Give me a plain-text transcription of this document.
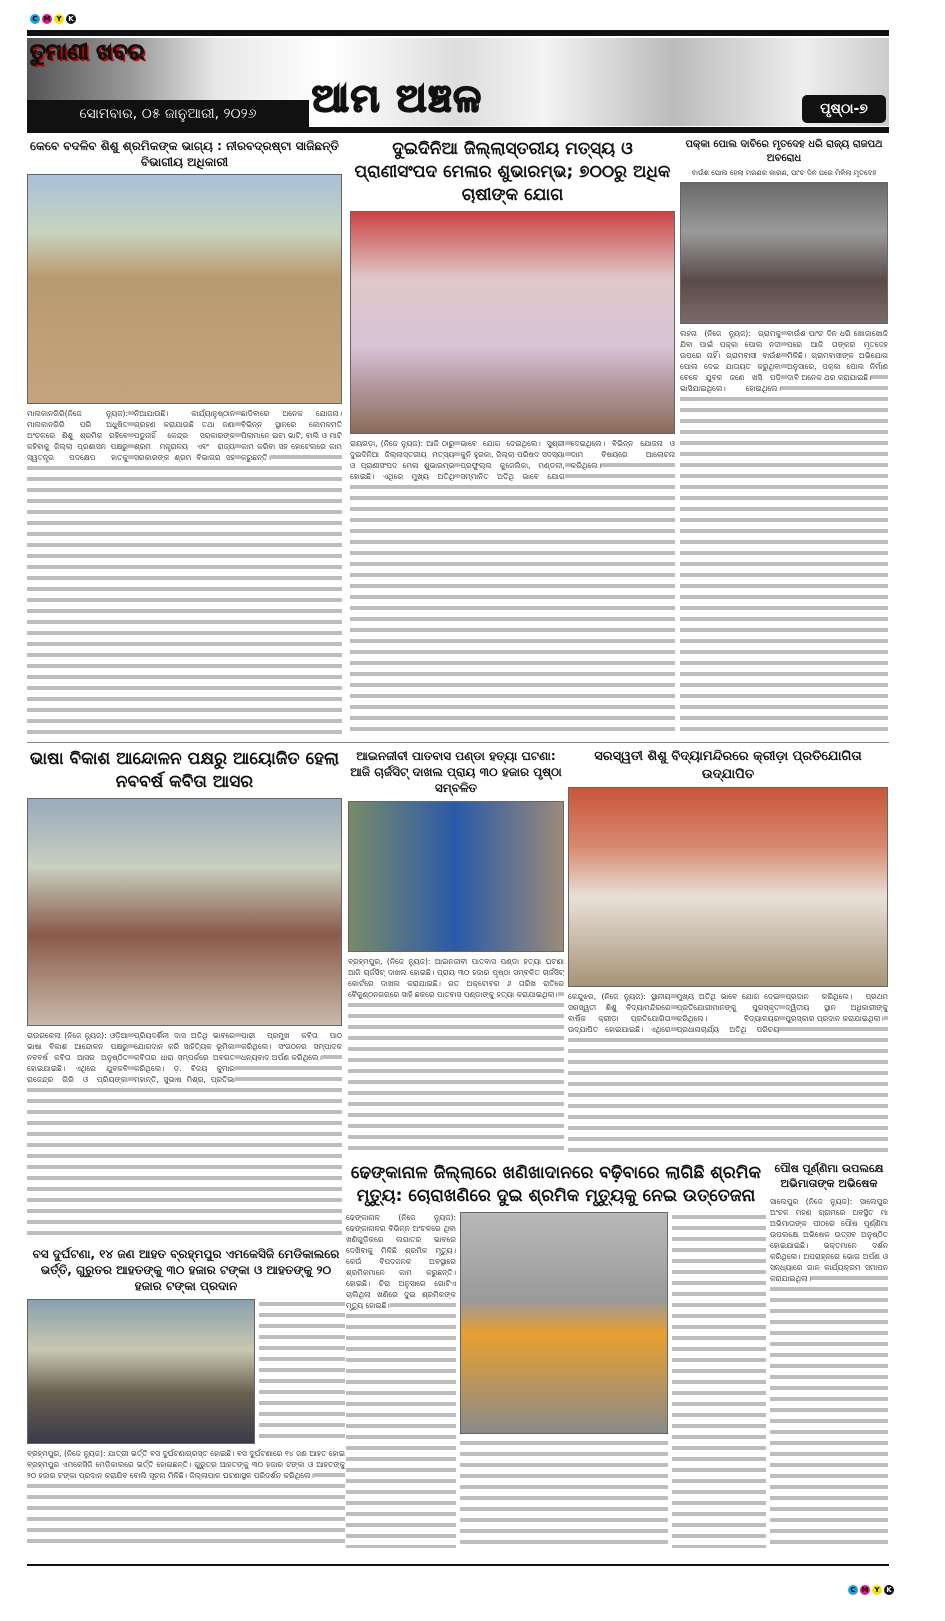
C M Y K
ତୁମାଣୀ ଖବର
ସୋମବାର, ୦୫ ଜାନୁଆରୀ, ୨୦୨୬	ଆମ ଅଞ୍ଚଳ	ପୃଷ୍ଠା-୭
କେବେ ବଦଳିବ ଶିଶୁ ଶ୍ରମିକଙ୍କ ଭାଗ୍ୟ : ନୀରବଦ୍ରଷ୍ଟା ସାଜିଛନ୍ତି ବିଭାଗୀୟ ଅଧିକାରୀ
ମାଲକାନଗିରି(ନିଜେ ନ୍ୟୁଜ): ମାଲକାନଗିରି ପରି ଅଧୁଷିତ ଅଂଚଳରେ ଶିଶୁ ଶ୍ରମିକ ରହିବେ କହିବାକୁ ଜିଲ୍ଲା ପ୍ରଶାସନ ପକ୍ଷରୁ ସ୍ୱତନ୍ତ୍ର ପଦକ୍ଷେପ ହାତକୁ ନିଆଯାଉଛି। କାର୍ଯ୍ୟାନୁଷ୍ଠାନ ଗ୍ରହଣ କରାଯାଉଛି ତଥା ଜଣା ପଡୁନାହିଁ କେନ୍ଦ୍ର ସରକାରଙ୍କ ଶ୍ରମ ମନ୍ତ୍ରାଳୟ ଏବଂ ରାଜ୍ୟ ସରକାରଙ୍କ ଶ୍ରମ ବିଭାଗର ସହ ଛାଡିବାରେ ଅନେକ ଯୋଜନା। ବିଭିନ୍ନ ସ୍ଥାନରେ କୋମଳମତି ପିଲାମାନେ ଇଟା ଭାଟି, ବାଲି ଓ ମାଟି କାମ କରିବା ସହ ହୋଟେଲରେ କାମ କରୁଛନ୍ତି।
ଦୁଇଦିନିଆ ଜିଲ୍ଲାସ୍ତରୀୟ ମତ୍ସ୍ୟ ଓ ପ୍ରାଣୀସଂପଦ ମେଳାର ଶୁଭାରମ୍ଭ; ୭୦୦ରୁ ଅଧିକ ଚାଷୀଙ୍କ ଯୋଗ
ରାୟଗଡ଼ା, (ନିଜେ ନ୍ୟୁଜ): ଆଜି ଠାରୁ ଦୁଇଦିନିଆ ଜିଲ୍ଲାସ୍ତରୀୟ ମତ୍ସ୍ୟ ଓ ପ୍ରାଣୀସଂପଦ ମେଳା ଶୁଭାରମ୍ଭ ହୋଇଛି। ଏଥିରେ ମୁଖ୍ୟ ଅତିଥି ଭାବେ ଯୋଗ ଦେଇଥିଲେ। ସୁଶ୍ରୀ କୁନି ହୁରକା, ଜିଲ୍ଲା ପରିଷଦ ସଦସ୍ୟା ପ୍ରଫୁଲ୍ଲ କୁଜେଲିକା, ମଣ୍ଡଳୀ, ସମ୍ମାନିତ ଅତିଥି ଭାବେ ଯୋଗ ଦେଇଥିଲେ। ବିଭିନ୍ନ ଯୋଜନା ଓ ଦାମ ବିଷୟରେ ଆଲୋଚନା କରିଥିଲେ।
ପକ୍କା ପୋଲ ଦାବିରେ ମୃତଦେହ ଧରି ରାଜ୍ୟ ରାଜପଥ ଅବରୋଧ
ବାଉଁଶ ପୋଲ ହେଲା ମରଣର କାରଣ, ପାଂଚ ଦିନ ପରେ ମିଳିଲା ମୃତଦେହ
ଲହନା (ନିଜେ ନ୍ୟୁଜ): ଗ୍ରାମକୁ ଯିବା ପାଇଁ ପକ୍କା ପୋଲ ନଦୀ ଉପରେ ନାହିଁ। ଗ୍ରାମବାସୀ ବାଉଁଶ ପୋଲ ଦେଇ ଯାତାୟତ କରୁଥିବା ବେଳେ ଯୁବକ ଜଣେ ଖସି ପଡ଼ି ଭାସିଯାଇଥିଲେ। ହୋଇଥିଲେ। ବାଉଁଶ ପାଂଚ ଦିନ ଧରି ଖୋଜାଖୋଜି ପରେ ଆଜି ତାଙ୍କର ମୃତଦେହ ମିଳିଛି। ଗ୍ରାମବାସୀଙ୍କ ଅଭିଯୋଗ ଅନୁସାରେ, ପକ୍କା ପୋଲ ନିର୍ମାଣ ଦାବି ଅନେକ ଥର କରାଯାଇଛି।
ଭାଷା ବିକାଶ ଆନ୍ଦୋଳନ ପକ୍ଷରୁ ଆୟୋଜିତ ହେଲା ନବବର୍ଷ କବିତା ଆସର
ରାଉରକେଲା (ନିଜେ ନ୍ୟୁଜ): ଓଡ଼ିଆ ଭାଷା ବିକାଶ ଆନ୍ଦୋଳନ ପକ୍ଷରୁ ନବବର୍ଷ କବିତା ଆସର ଅନୁଷ୍ଠିତ ହୋଇଯାଇଛି। ଏଥିରେ ଯୁବକବି ରାଜେନ୍ଦ୍ର ଗିରି ଓ ପ୍ରିୟଙ୍କା ପ୍ରିୟଦର୍ଶିନୀ ଦାସ ଅତିଥି ଭାବରେ ଯୋଗଦାନ କରି ସାହିତ୍ୟିକ ଭୂମିକା କବିତାର ଧାରା ସମ୍ପର୍କରେ ଅବଗତ କରିଥିଲେ। ଡ଼. ବିଜୟ କୁମାର ମହାନ୍ତି, ସୁଭାଷ ମିଶ୍ର, ପ୍ରତିଭା ପାଢ଼ୀ ପ୍ରମୁଖ କବିତା ପାଠ କରିଥିଲେ। ସଂଗଠନର ସମ୍ପାଦକ ଧନ୍ୟବାଦ ଅର୍ପଣ କରିଥିଲେ।
ଆଇନଜୀବୀ ପାତବାସ ପଣ୍ଡା ହତ୍ୟା ଘଟଣା: ଆଜି ଚାର୍ଜସିଟ୍ ଦାଖଲ ପ୍ରାୟ ୩୦ ହଜାର ପୃଷ୍ଠା ସମ୍ବଳିତ
ବ୍ରହ୍ମପୁର, (ନିଜେ ନ୍ୟୁଜ): ଆଇନଜୀବୀ ପାତବାସ ପଣ୍ଡା ହତ୍ୟା ଘଟଣା ଆଜି ଚାର୍ଜସିଟ୍ ଦାଖଲ ହୋଇଛି। ପ୍ରାୟ ୩୦ ହଜାର ପୃଷ୍ଠା ସମ୍ବଳିତ ଚାର୍ଜସିଟ୍ କୋର୍ଟରେ ଦାଖଲ କରାଯାଇଛି। ଗତ ଅକ୍ଟୋବର ୬ ତାରିଖ ରାତିରେ ବୈକୁଣ୍ଠନଗରରେ ସାହି ଛକରେ ପାତବାସ ପଣ୍ଡାଙ୍କୁ ହତ୍ୟା କରାଯାଇଥିଲା।
ସରସ୍ୱତୀ ଶିଶୁ ବିଦ୍ୟାମନ୍ଦିରରେ କ୍ରୀଡ଼ା ପ୍ରତିଯୋଗିତା ଉଦ୍‌ଯାପିତ
କେନ୍ଦୁଝର, (ନିଜେ ନ୍ୟୁଜ): ସ୍ଥାନୀୟ ସରସ୍ୱତୀ ଶିଶୁ ବିଦ୍ୟାମନ୍ଦିରରେ ବାର୍ଷିକ କ୍ରୀଡ଼ା ପ୍ରତିଯୋଗିତା ଉଦ୍‌ଯାପିତ ହୋଇଯାଇଛି। ଏଥିରେ ମୁଖ୍ୟ ଅତିଥି ଭାବେ ଯୋଗ ଦେଇ ପ୍ରତିଯୋଗୀମାନଙ୍କୁ ପୁରସ୍କୃତ କରିଥିଲେ। ବିଦ୍ୟାଳୟର ପ୍ରଧାନାଚାର୍ଯ୍ୟ ଅତିଥି ପରିଚୟ ପ୍ରଦାନ କରିଥିଲେ। ପ୍ରଥମ ଦ୍ୱିତୀୟ ସ୍ଥାନ ଅଧିକାରୀଙ୍କୁ ପୁରସ୍କାର ପ୍ରଦାନ କରାଯାଇଥିଲା।
ଢେଙ୍କାନାଳ ଜିଲ୍ଲାରେ ଖଣିଖାଦାନରେ ବଢ଼ିବାରେ ଲାଗିଛି ଶ୍ରମିକ ମୃତ୍ୟୁ: ଚୋରାଖଣିରେ ଦୁଇ ଶ୍ରମିକ ମୃତ୍ୟୁକୁ ନେଇ ଉତ୍ତେଜନା
ଢେଙ୍କାନାଳ (ନିଜେ ନ୍ୟୁଜ): ଢେଙ୍କାନାଳର ବିଭିନ୍ନ ଅଂଚଳରେ ଥିବା ଖଣିଗୁଡ଼ିକରେ ଲଗାତର ଭାବରେ ଦେଖିବାକୁ ମିଳିଛି ଶ୍ରମିକ ମୃତ୍ୟୁ। କେଉଁ ବିପଦଜନକ ଅବସ୍ଥାରେ ଶ୍ରମିକମାନେ କାମ କରୁଛନ୍ତି। ହୋଇଛି। ଚିରା ଅନୁସାରେ ଗୋଟିଏ ଚାଲିଥିଲା ଖଣିରେ ଦୁଇ ଶ୍ରମିକଙ୍କ ମୃତ୍ୟୁ ହୋଇଛି।
ପୌଷ ପୂର୍ଣ୍ଣିମା ଉପଲକ୍ଷେ ଅଭିମାତାଙ୍କ ଅଭିଷେକ
ସାଲେପୁର (ନିଜେ ନ୍ୟୁଜ): ସାଲେପୁର ଅଂଚଳ ମହଣ ଗ୍ରାମରେ ଅବସ୍ଥିତ ମା ଅଭିମାତାଙ୍କ ପୀଠରେ ପୌଷ ପୂର୍ଣ୍ଣିମା ଉପଲକ୍ଷେ ଅଭିଷେକ ଉତ୍ସବ ଅନୁଷ୍ଠିତ ହୋଇଯାଇଛି। ଭକ୍ତମାନେ ଦର୍ଶନ କରିଥିଲେ। ଅପରାହ୍ନରେ ଭୋଗ ଅର୍ପଣ ଓ ସନ୍ଧ୍ୟାରେ ଗାନ କାର୍ଯ୍ୟକ୍ରମ ସମାପନ କରାଯାଇଥିଲା।
ବସ ଦୁର୍ଘଟଣା, ୧୪ ଜଣ ଆହତ ବ୍ରହ୍ମପୁର ଏମକେସିଜି ମେଡିକାଲରେ ଭର୍ତ୍ତି, ଗୁରୁତର ଆହତଙ୍କୁ ୩୦ ହଜାର ଟଙ୍କା ଓ ଆହତଙ୍କୁ ୨୦ ହଜାର ଟଙ୍କା ପ୍ରଦାନ
ବ୍ରହ୍ମପୁର, (ନିଜେ ନ୍ୟୁଜ): ଯାତ୍ରୀ ଭର୍ତ୍ତି ବସ ଦୁର୍ଘଟଣାଗ୍ରସ୍ତ ହୋଇଛି। ବସ ଦୁର୍ଘଟଣାରେ ୧୪ ଜଣ ଆହତ ହୋଇ ବ୍ରହ୍ମପୁର ଏମକେସିଜି ମେଡିକାଲରେ ଭର୍ତ୍ତି ହୋଇଛନ୍ତି। ଗୁରୁତର ଆହତଙ୍କୁ ୩୦ ହଜାର ଟଙ୍କା ଓ ଆହତଙ୍କୁ ୨୦ ହଜାର ଟଙ୍କା ପ୍ରଦାନ କରାଯିବ ବୋଲି ସୂଚନା ମିଳିଛି। ଜିଲ୍ଲାପାଳ ଘଟଣାସ୍ଥଳ ପରିଦର୍ଶନ କରିଥିଲେ।
C M Y K
